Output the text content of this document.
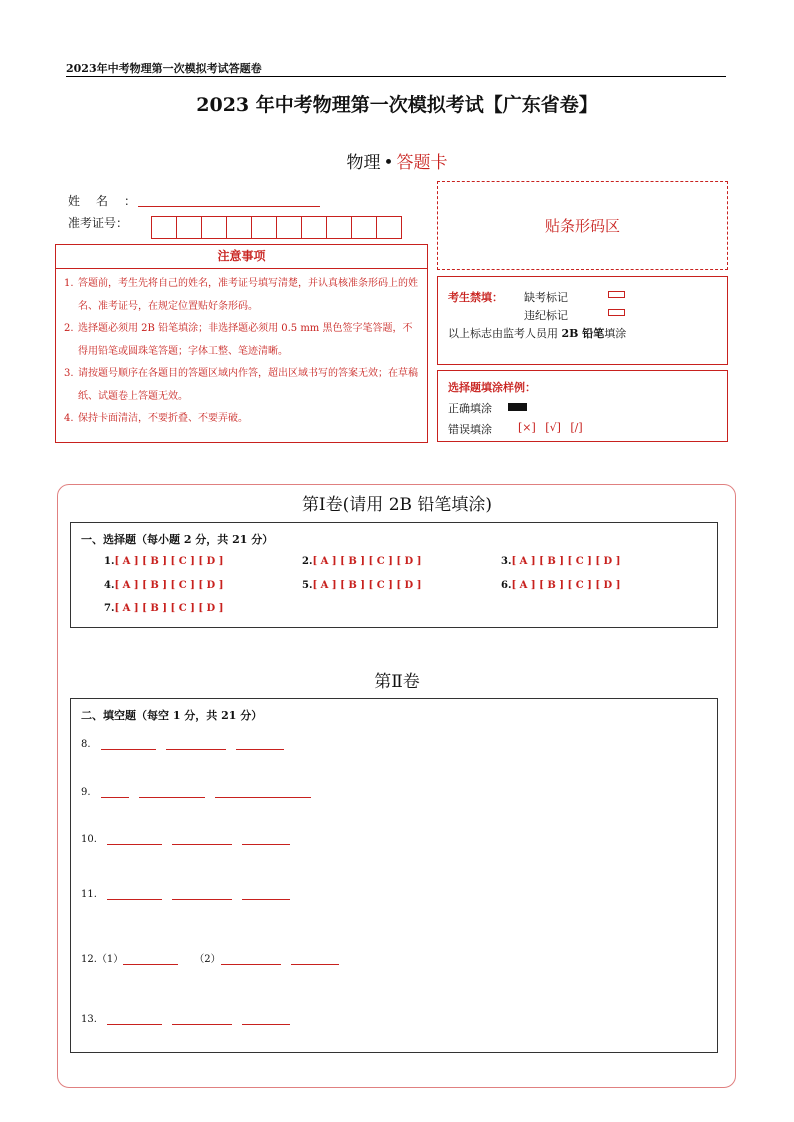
2023年中考物理第一次模拟考试答题卷
2023 年中考物理第一次模拟考试【广东省卷】
物理 • 答题卡
姓名：
准考证号：	贴条形码区
注意事项
1. 答题前，考生先将自己的姓名，准考证号填写清楚，并认真核准条形码上的姓名、准考证号，在规定位置贴好条形码。
2. 选择题必须用 2B 铅笔填涂；非选择题必须用 0.5 mm 黑色签字笔答题，不得用铅笔或圆珠笔答题；字体工整、笔迹清晰。
3. 请按题号顺序在各题目的答题区域内作答，超出区域书写的答案无效；在草稿纸、试题卷上答题无效。
4. 保持卡面清洁，不要折叠、不要弄破。
考生禁填： 缺考标记
违纪标记
以上标志由监考人员用 2B 铅笔填涂
选择题填涂样例：
正确填涂
错误填涂 [×] [√] [/]
第Ⅰ卷(请用 2B 铅笔填涂)
一、选择题（每小题 2 分，共 21 分）
1.[ A ] [ B ] [ C ] [ D ]	2.[ A ] [ B ] [ C ] [ D ]	3.[ A ] [ B ] [ C ] [ D ]
4.[ A ] [ B ] [ C ] [ D ]	5.[ A ] [ B ] [ C ] [ D ]	6.[ A ] [ B ] [ C ] [ D ]
7.[ A ] [ B ] [ C ] [ D ]
第Ⅱ卷
二、填空题（每空 1 分，共 21 分）
8.
9.
10.
11.
12. （1）	（2）
13.
